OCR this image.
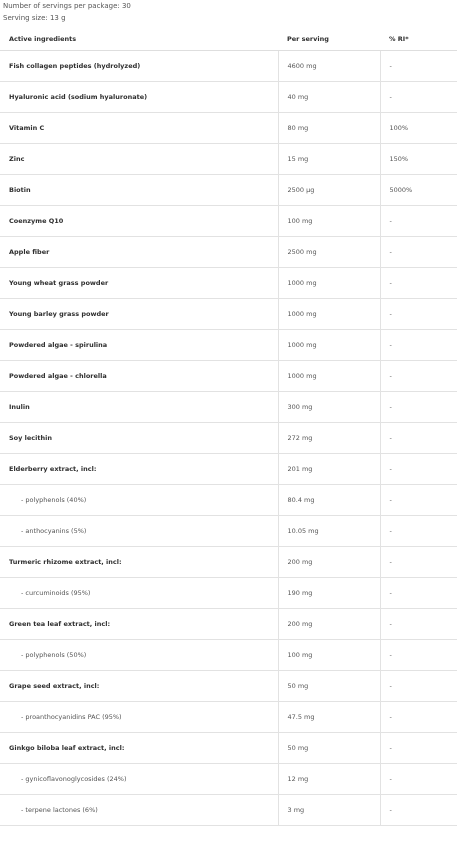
Number of servings per package: 30
Serving size: 13 g
Active ingredients	Per serving	% RI*
Fish collagen peptides (hydrolyzed)	4600 mg	-
Hyaluronic acid (sodium hyaluronate)	40 mg	-
Vitamin C	80 mg	100%
Zinc	15 mg	150%
Biotin	2500 µg	5000%
Coenzyme Q10	100 mg	-
Apple fiber	2500 mg	-
Young wheat grass powder	1000 mg	-
Young barley grass powder	1000 mg	-
Powdered algae - spirulina	1000 mg	-
Powdered algae - chlorella	1000 mg	-
Inulin	300 mg	-
Soy lecithin	272 mg	-
Elderberry extract, incl:	201 mg	-
- polyphenols (40%)	80.4 mg	-
- anthocyanins (5%)	10.05 mg	-
Turmeric rhizome extract, incl:	200 mg	-
- curcuminoids (95%)	190 mg	-
Green tea leaf extract, incl:	200 mg	-
- polyphenols (50%)	100 mg	-
Grape seed extract, incl:	50 mg	-
- proanthocyanidins PAC (95%)	47.5 mg	-
Ginkgo biloba leaf extract, incl:	50 mg	-
- gynicoflavonoglycosides (24%)	12 mg	-
- terpene lactones (6%)	3 mg	-
